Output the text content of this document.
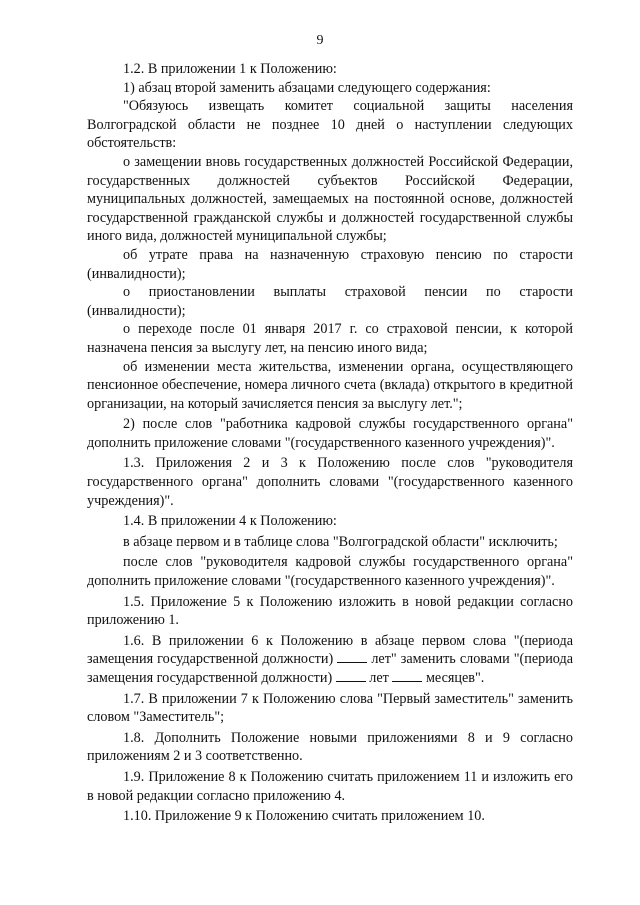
9

1.2. В приложении 1 к Положению:

1) абзац второй заменить абзацами следующего содержания:

"Обязуюсь извещать комитет социальной защиты населения Волгоградской области не позднее 10 дней о наступлении следующих обстоятельств:

о замещении вновь государственных должностей Российской Федерации, государственных должностей субъектов Российской Федерации, муниципальных должностей, замещаемых на постоянной основе, должностей государственной гражданской службы и должностей государственной службы иного вида, должностей муниципальной службы;

об утрате права на назначенную страховую пенсию по старости (инвалидности);

о приостановлении выплаты страховой пенсии по старости (инвалидности);

о переходе после 01 января 2017 г. со страховой пенсии, к которой назначена пенсия за выслугу лет, на пенсию иного вида;

об изменении места жительства, изменении органа, осуществляющего пенсионное обеспечение, номера личного счета (вклада) открытого в кредитной организации, на который зачисляется пенсия за выслугу лет.";

2) после слов "работника кадровой службы государственного органа" дополнить приложение словами "(государственного казенного учреждения)".

1.3. Приложения 2 и 3 к Положению после слов "руководителя государственного органа" дополнить словами "(государственного казенного учреждения)".

1.4. В приложении 4 к Положению:

в абзаце первом и в таблице слова "Волгоградской области" исключить;

после слов "руководителя кадровой службы государственного органа" дополнить приложение словами "(государственного казенного учреждения)".

1.5. Приложение 5 к Положению изложить в новой редакции согласно приложению 1.

1.6. В приложении 6 к Положению в абзаце первом слова "(периода замещения государственной должности)	лет" заменить словами "(периода замещения государственной должности)	лет	месяцев".

1.7. В приложении 7 к Положению слова "Первый заместитель" заменить словом "Заместитель";

1.8. Дополнить Положение новыми приложениями 8 и 9 согласно приложениям 2 и 3 соответственно.

1.9. Приложение 8 к Положению считать приложением 11 и изложить его в новой редакции согласно приложению 4.

1.10. Приложение 9 к Положению считать приложением 10.
